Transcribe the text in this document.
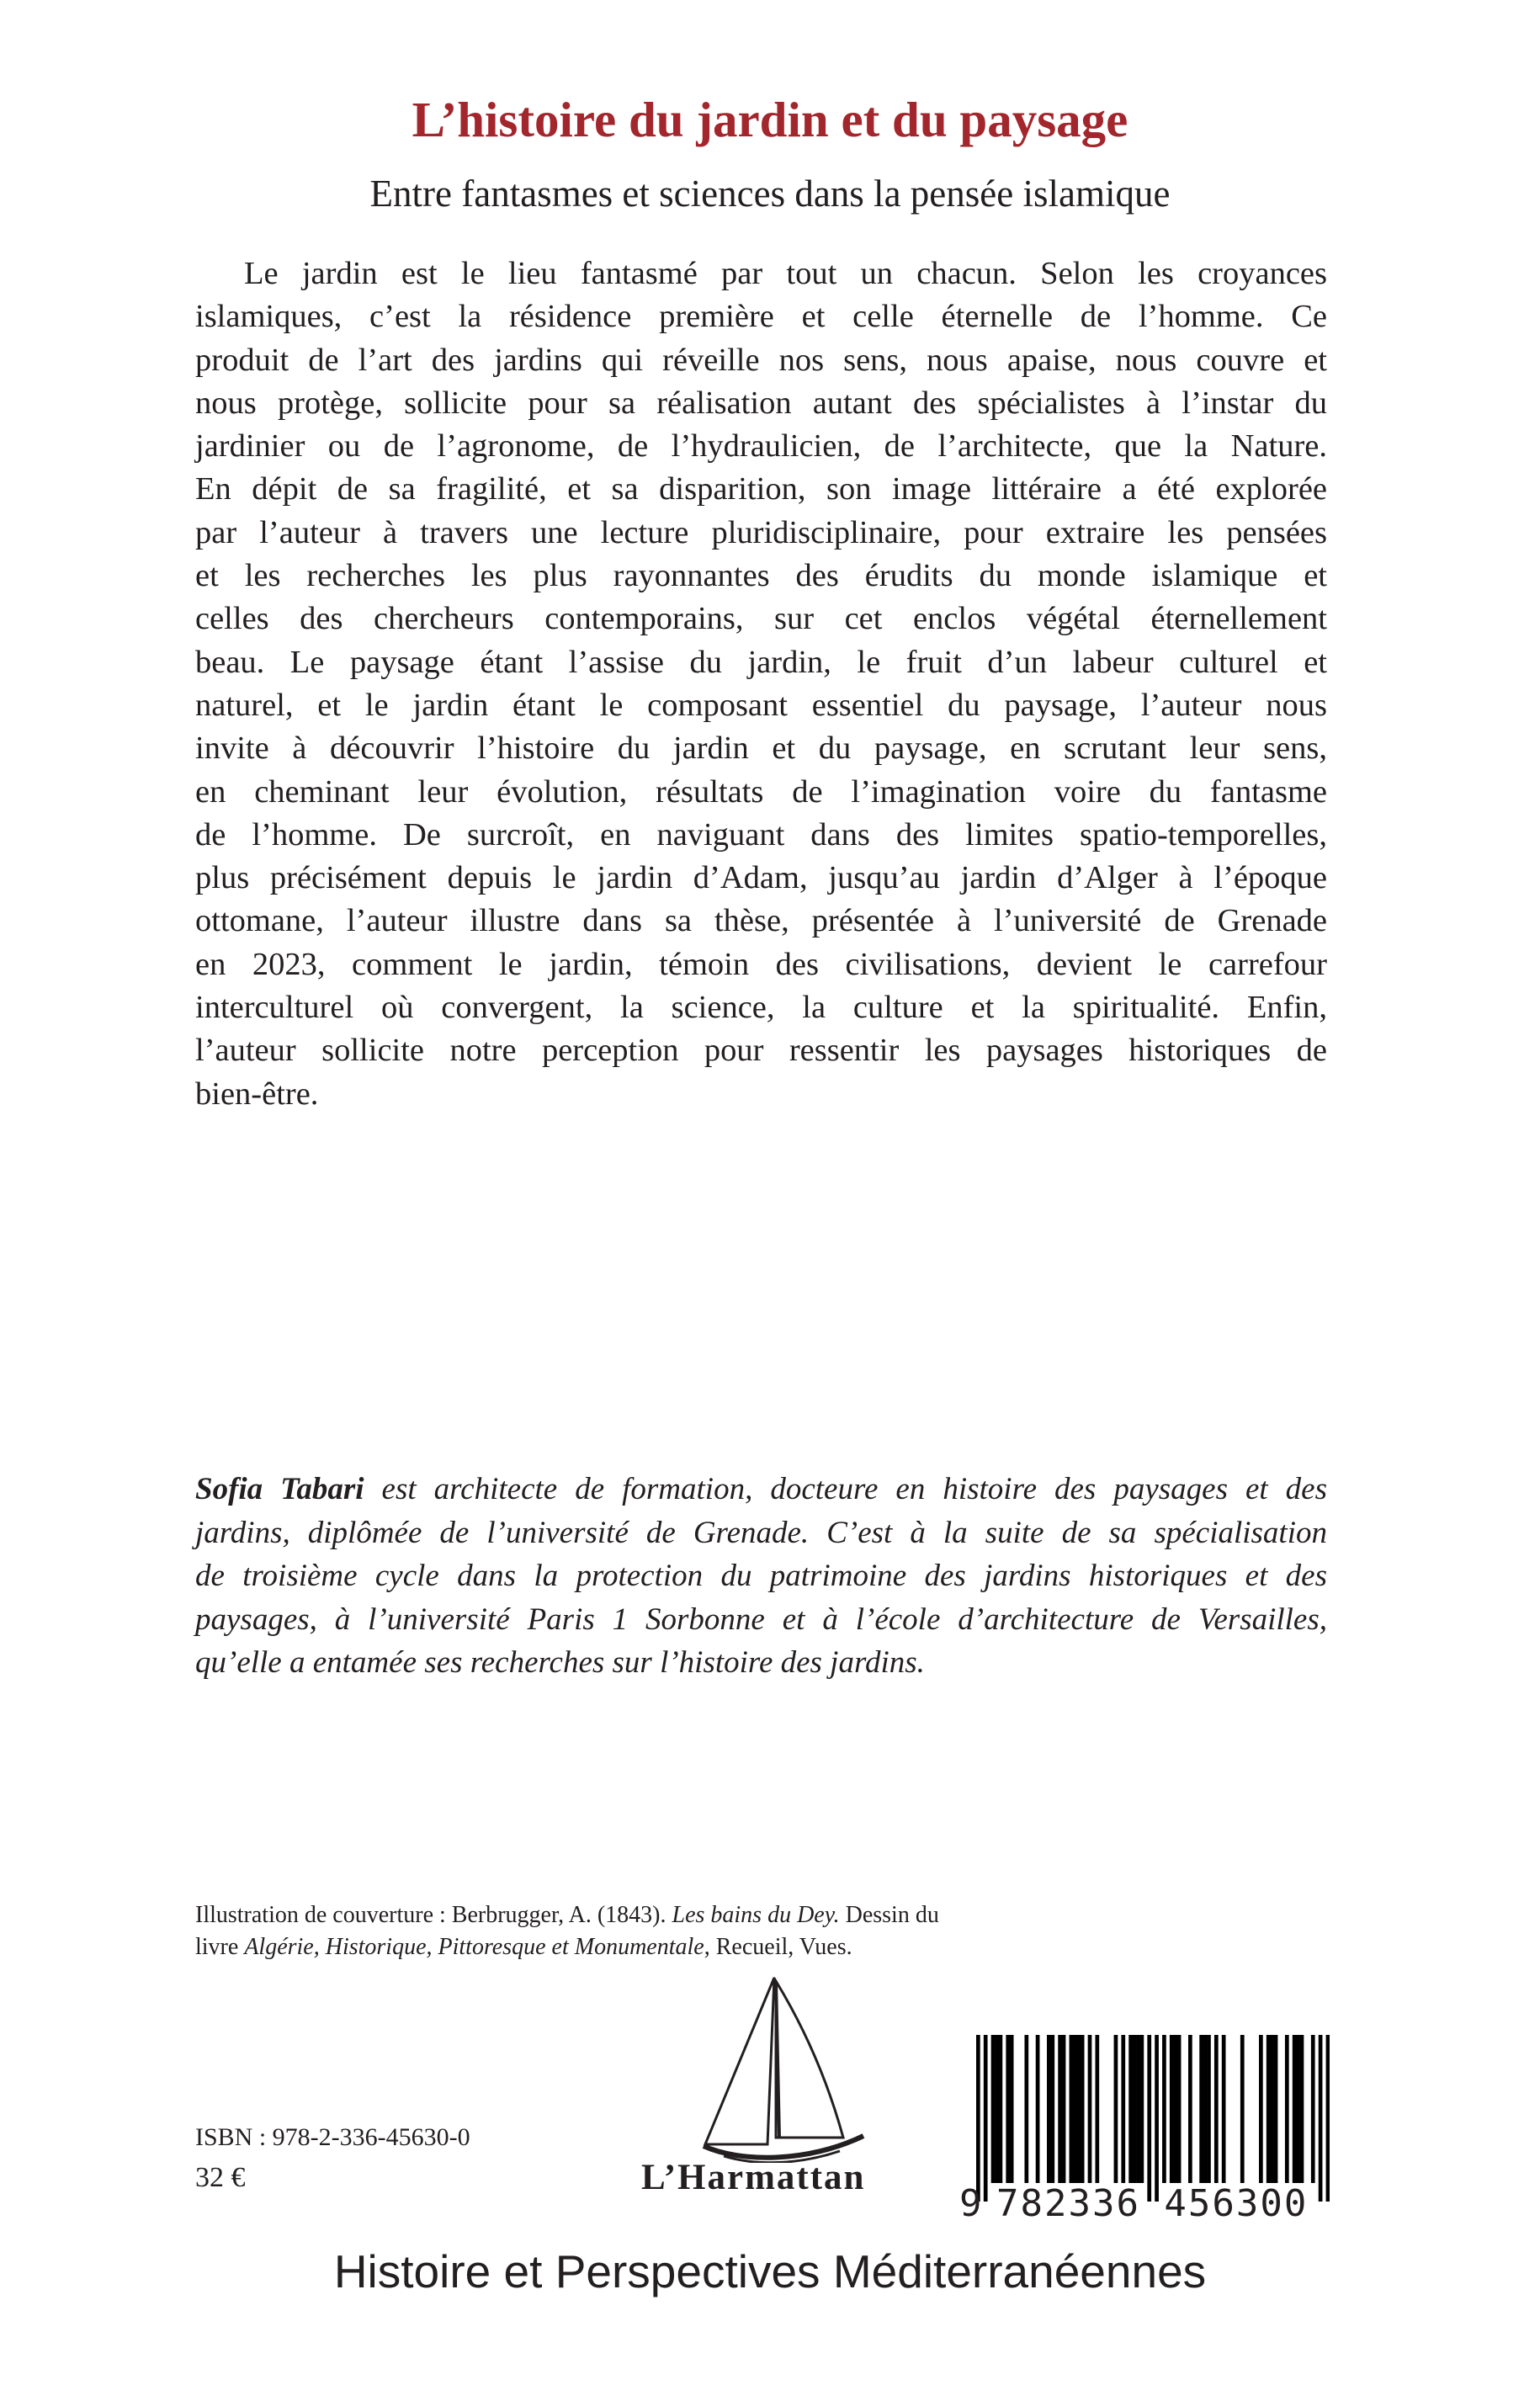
L’histoire du jardin et du paysage
Entre fantasmes et sciences dans la pensée islamique
Le jardin est le lieu fantasmé par tout un chacun. Selon les croyances
islamiques, c’est la résidence première et celle éternelle de l’homme. Ce
produit de l’art des jardins qui réveille nos sens, nous apaise, nous couvre et
nous protège, sollicite pour sa réalisation autant des spécialistes à l’instar du
jardinier ou de l’agronome, de l’hydraulicien, de l’architecte, que la Nature.
En dépit de sa fragilité, et sa disparition, son image littéraire a été explorée
par l’auteur à travers une lecture pluridisciplinaire, pour extraire les pensées
et les recherches les plus rayonnantes des érudits du monde islamique et
celles des chercheurs contemporains, sur cet enclos végétal éternellement
beau. Le paysage étant l’assise du jardin, le fruit d’un labeur culturel et
naturel, et le jardin étant le composant essentiel du paysage, l’auteur nous
invite à découvrir l’histoire du jardin et du paysage, en scrutant leur sens,
en cheminant leur évolution, résultats de l’imagination voire du fantasme
de l’homme. De surcroît, en naviguant dans des limites spatio-temporelles,
plus précisément depuis le jardin d’Adam, jusqu’au jardin d’Alger à l’époque
ottomane, l’auteur illustre dans sa thèse, présentée à l’université de Grenade
en 2023, comment le jardin, témoin des civilisations, devient le carrefour
interculturel où convergent, la science, la culture et la spiritualité. Enfin,
l’auteur sollicite notre perception pour ressentir les paysages historiques de
bien-être.
Sofia Tabari est architecte de formation, docteure en histoire des paysages et des
jardins, diplômée de l’université de Grenade. C’est à la suite de sa spécialisation
de troisième cycle dans la protection du patrimoine des jardins historiques et des
paysages, à l’université Paris 1 Sorbonne et à l’école d’architecture de Versailles,
qu’elle a entamée ses recherches sur l’histoire des jardins.
Illustration de couverture : Berbrugger, A. (1843). Les bains du Dey. Dessin du
livre Algérie, Historique, Pittoresque et Monumentale, Recueil, Vues.
ISBN : 978-2-336-45630-0
32 €	L’Harmattan
9 782336 456300
Histoire et Perspectives Méditerranéennes
